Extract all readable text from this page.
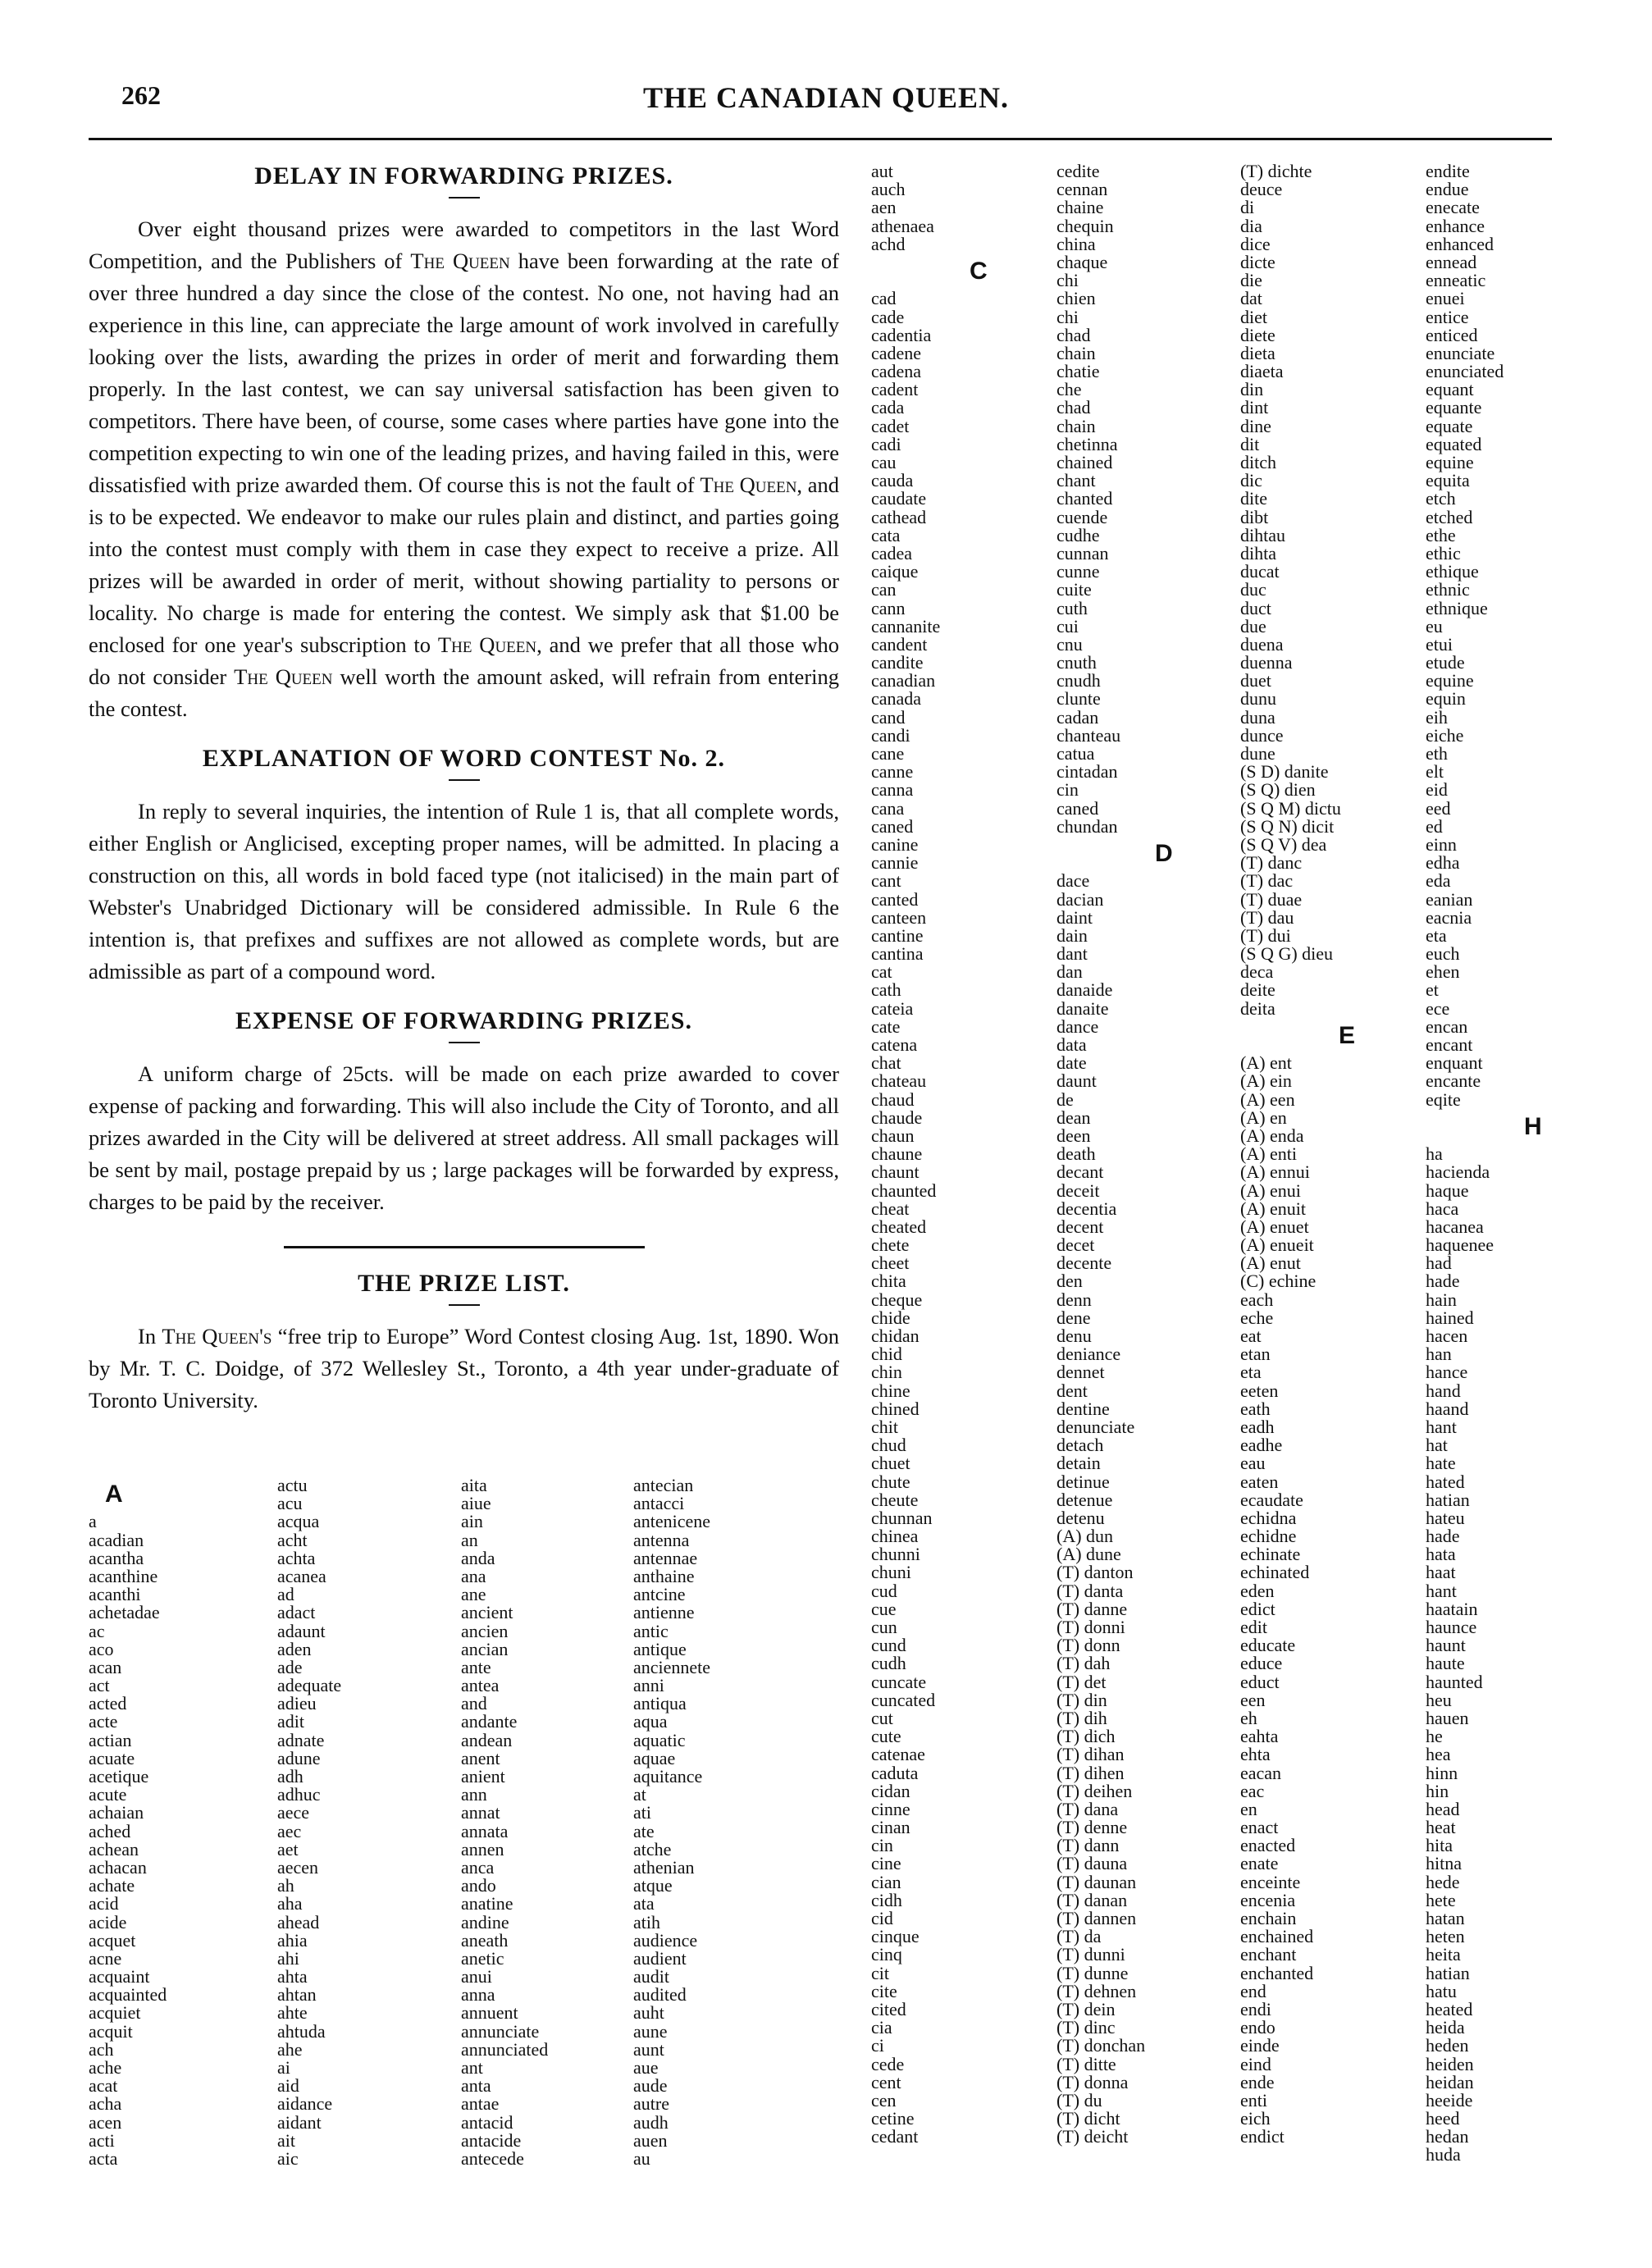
262	THE CANADIAN QUEEN.
DELAY IN FORWARDING PRIZES.

Over eight thousand prizes were awarded to competitors in the last Word Competition, and the Publishers of The Queen have been forwarding at the rate of over three hundred a day since the close of the contest. No one, not having had an experience in this line, can appreciate the large amount of work involved in carefully looking over the lists, awarding the prizes in order of merit and forwarding them properly. In the last contest, we can say universal satisfaction has been given to competitors. There have been, of course, some cases where parties have gone into the competition expecting to win one of the leading prizes, and having failed in this, were dissatisfied with prize awarded them. Of course this is not the fault of The Queen, and is to be expected. We endeavor to make our rules plain and distinct, and parties going into the contest must comply with them in case they expect to receive a prize. All prizes will be awarded in order of merit, without showing partiality to persons or locality. No charge is made for entering the contest. We simply ask that $1.00 be enclosed for one year's subscription to The Queen, and we prefer that all those who do not consider The Queen well worth the amount asked, will refrain from entering the contest.

EXPLANATION OF WORD CONTEST No. 2.

In reply to several inquiries, the intention of Rule 1 is, that all complete words, either English or Anglicised, excepting proper names, will be admitted. In placing a construction on this, all words in bold faced type (not italicised) in the main part of Webster's Unabridged Dictionary will be considered admissible. In Rule 6 the intention is, that prefixes and suffixes are not allowed as complete words, but are admissible as part of a compound word.

EXPENSE OF FORWARDING PRIZES.

A uniform charge of 25cts. will be made on each prize awarded to cover expense of packing and forwarding. This will also include the City of Toronto, and all prizes awarded in the City will be delivered at street address. All small packages will be sent by mail, postage prepaid by us ; large packages will be forwarded by express, charges to be paid by the receiver.

THE PRIZE LIST.

In The Queen's “free trip to Europe” Word Contest closing Aug. 1st, 1890. Won by Mr. T. C. Doidge, of 372 Wellesley St., Toronto, a 4th year under-graduate of Toronto University.

A
a
acadian
acantha
acanthine
acanthi
achetadae
ac
aco
acan
act
acted
acte
actian
acuate
acetique
acute
achaian
ached
achean
achacan
achate
acid
acide
acquet
acne
acquaint
acquainted
acquiet
acquit
ach
ache
acat
acha
acen
acti
acta
actu
acu
acqua
acht
achta
acanea
ad
adact
adaunt
aden
ade
adequate
adieu
adit
adnate
adune
adh
adhuc
aece
aec
aet
aecen
ah
aha
ahead
ahia
ahi
ahta
ahtan
ahte
ahtuda
ahe
ai
aid
aidance
aidant
ait
aic
aita
aiue
ain
an
anda
ana
ane
ancient
ancien
ancian
ante
antea
and
andante
andean
anent
anient
ann
annat
annata
annen
anca
ando
anatine
andine
aneath
anetic
anui
anna
annuent
annunciate
annunciated
ant
anta
antae
antacid
antacide
antecede
antecian
antacci
antenicene
antenna
antennae
anthaine
antcine
antienne
antic
antique
anciennete
anni
antiqua
aqua
aquatic
aquae
aquitance
at
ati
ate
atche
athenian
atque
ata
atih
audience
audient
audit
audited
auht
aune
aunt
aue
aude
autre
audh
auen
au
aut
auch
aen
athenaea
achd
C
cad
cade
cadentia
cadene
cadena
cadent
cada
cadet
cadi
cau
cauda
caudate
cathead
cata
cadea
caique
can
cann
cannanite
candent
candite
canadian
canada
cand
candi
cane
canne
canna
cana
caned
canine
cannie
cant
canted
canteen
cantine
cantina
cat
cath
cateia
cate
catena
chat
chateau
chaud
chaude
chaun
chaune
chaunt
chaunted
cheat
cheated
chete
cheet
chita
cheque
chide
chidan
chid
chin
chine
chined
chit
chud
chuet
chute
cheute
chunnan
chinea
chunni
chuni
cud
cue
cun
cund
cudh
cuncate
cuncated
cut
cute
catenae
caduta
cidan
cinne
cinan
cin
cine
cian
cidh
cid
cinque
cinq
cit
cite
cited
cia
ci
cede
cent
cen
cetine
cedant
cedite
cennan
chaine
chequin
china
chaque
chi
chien
chi
chad
chain
chatie
che
chad
chain
chetinna
chained
chant
chanted
cuende
cudhe
cunnan
cunne
cuite
cuth
cui
cnu
cnuth
cnudh
clunte
cadan
chanteau
catua
cintadan
cin
caned
chundan
D
dace
dacian
daint
dain
dant
dan
danaide
danaite
dance
data
date
daunt
de
dean
deen
death
decant
deceit
decentia
decent
decet
decente
den
denn
dene
denu
deniance
dennet
dent
dentine
denunciate
detach
detain
detinue
detenue
detenu
(A) dun
(A) dune
(T) danton
(T) danta
(T) danne
(T) donni
(T) donn
(T) dah
(T) det
(T) din
(T) dih
(T) dich
(T) dihan
(T) dihen
(T) deihen
(T) dana
(T) denne
(T) dann
(T) dauna
(T) daunan
(T) danan
(T) dannen
(T) da
(T) dunni
(T) dunne
(T) dehnen
(T) dein
(T) dinc
(T) donchan
(T) ditte
(T) donna
(T) du
(T) dicht
(T) deicht
(T) dichte
deuce
di
dia
dice
dicte
die
dat
diet
diete
dieta
diaeta
din
dint
dine
dit
ditch
dic
dite
dibt
dihtau
dihta
ducat
duc
duct
due
duena
duenna
duet
dunu
duna
dunce
dune
(S D) danite
(S Q) dien
(S Q M) dictu
(S Q N) dicit
(S Q V) dea
(T) danc
(T) dac
(T) duae
(T) dau
(T) dui
(S Q G) dieu
deca
deite
deita
E
(A) ent
(A) ein
(A) een
(A) en
(A) enda
(A) enti
(A) ennui
(A) enui
(A) enuit
(A) enuet
(A) enueit
(A) enut
(C) echine
each
eche
eat
etan
eta
eeten
eath
eadh
eadhe
eau
eaten
ecaudate
echidna
echidne
echinate
echinated
eden
edict
edit
educate
educe
educt
een
eh
eahta
ehta
eacan
eac
en
enact
enacted
enate
enceinte
encenia
enchain
enchained
enchant
enchanted
end
endi
endo
einde
eind
ende
enti
eich
endict
endite
endue
enecate
enhance
enhanced
ennead
enneatic
enuei
entice
enticed
enunciate
enunciated
equant
equante
equate
equated
equine
equita
etch
etched
ethe
ethic
ethique
ethnic
ethnique
eu
etui
etude
equine
equin
eih
eiche
eth
elt
eid
eed
ed
einn
edha
eda
eanian
eacnia
eta
euch
ehen
et
ece
encan
encant
enquant
encante
eqite
H
ha
hacienda
haque
haca
hacanea
haquenee
had
hade
hain
hained
hacen
han
hance
hand
haand
hant
hat
hate
hated
hatian
hateu
hade
hata
haat
hant
haatain
haunce
haunt
haute
haunted
heu
hauen
he
hea
hinn
hin
head
heat
hita
hitna
hede
hete
hatan
heten
heita
hatian
hatu
heated
heida
heden
heiden
heidan
heeide
heed
hedan
huda
